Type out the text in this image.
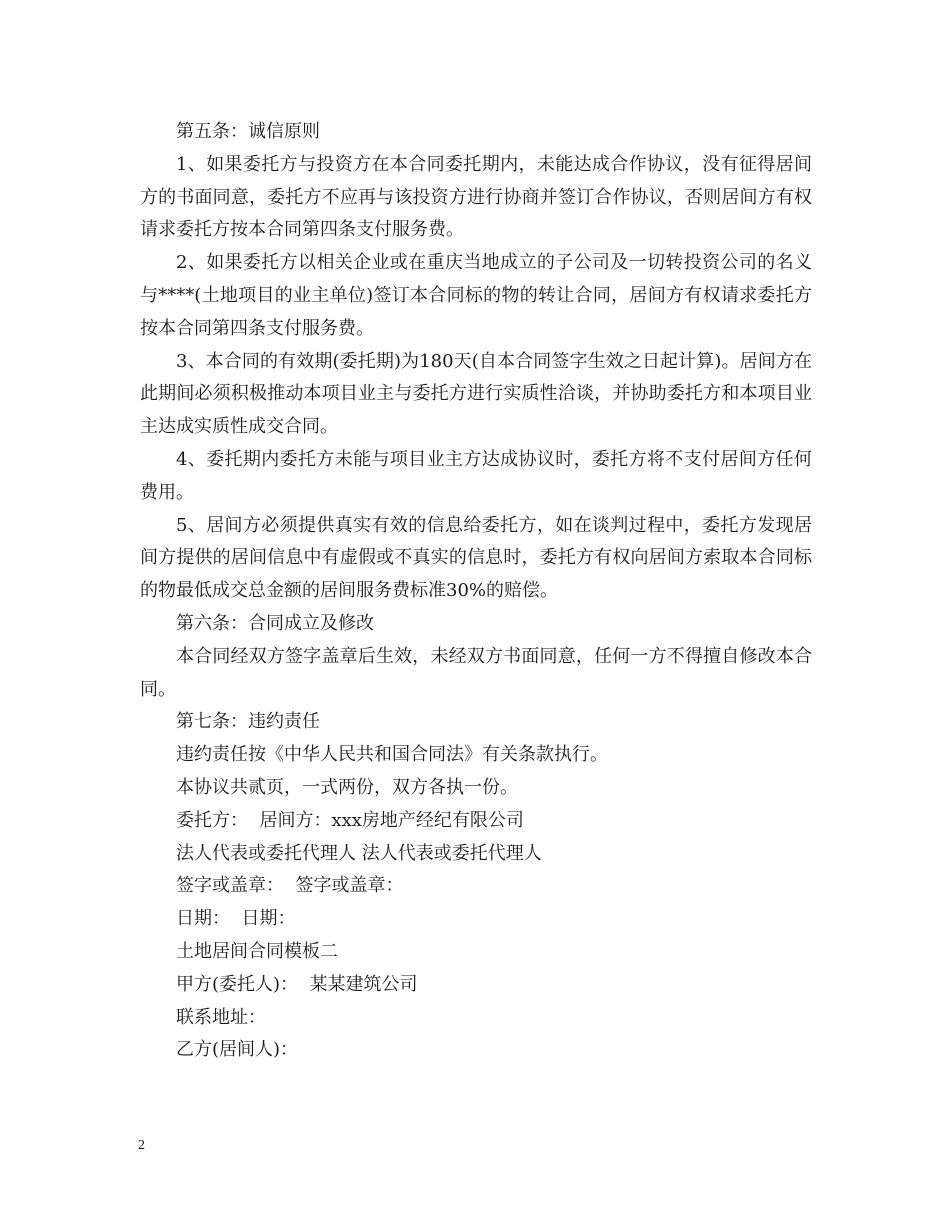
第五条：诚信原则

1、如果委托方与投资方在本合同委托期内，未能达成合作协议，没有征得居间方的书面同意，委托方不应再与该投资方进行协商并签订合作协议，否则居间方有权请求委托方按本合同第四条支付服务费。

2、如果委托方以相关企业或在重庆当地成立的子公司及一切转投资公司的名义与****(土地项目的业主单位)签订本合同标的物的转让合同，居间方有权请求委托方按本合同第四条支付服务费。

3、本合同的有效期(委托期)为180天(自本合同签字生效之日起计算)。居间方在此期间必须积极推动本项目业主与委托方进行实质性洽谈，并协助委托方和本项目业主达成实质性成交合同。

4、委托期内委托方未能与项目业主方达成协议时，委托方将不支付居间方任何费用。

5、居间方必须提供真实有效的信息给委托方，如在谈判过程中，委托方发现居间方提供的居间信息中有虚假或不真实的信息时，委托方有权向居间方索取本合同标的物最低成交总金额的居间服务费标准30%的赔偿。

第六条：合同成立及修改

本合同经双方签字盖章后生效，未经双方书面同意，任何一方不得擅自修改本合同。

第七条：违约责任

违约责任按《中华人民共和国合同法》有关条款执行。

本协议共贰页，一式两份，双方各执一份。

委托方：  居间方：xxx房地产经纪有限公司

法人代表或委托代理人 法人代表或委托代理人

签字或盖章：  签字或盖章：

日期：  日期：

土地居间合同模板二

甲方(委托人)：  某某建筑公司

联系地址：

乙方(居间人)：

2
